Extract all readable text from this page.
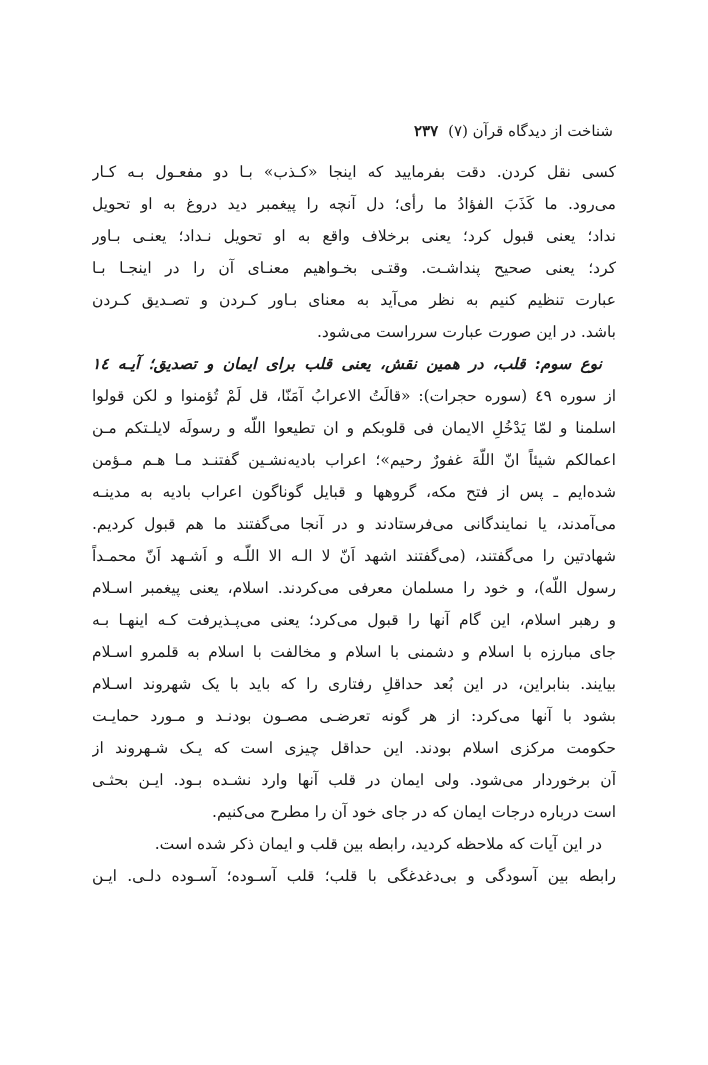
شناخت از دیدگاه قرآن (۷)
۲۳۷
کسی نقل کردن. دقت بفرمایید که اینجا «کـذب» بـا دو مفعـول بـه کـار
می‌رود. ما کَذَبَ الفؤادُ ما رأی؛ دل آنچه را پیغمبر دید دروغ به او تحویل
نداد؛ یعنی قبول کرد؛ یعنی برخلاف واقع به او تحویل نـداد؛ یعنـی بـاور
کرد؛ یعنی صحیح پنداشـت. وقتـی بخـواهیم معنـای آن را در اینجـا بـا
عبارت تنظیم کنیم به نظر می‌آید به معنای بـاور کـردن و تصـدیق کـردن
باشد. در این صورت عبارت سرراست می‌شود.
نوع سوم: قلب، در همین نقش، یعنی قلب برای ایمان و تصدیق؛ آیـه ١٤
از سوره ٤٩ (سوره حجرات): «قالَتُ الاعرابُ آمَنّا، قل لَمْ تُؤمنوا و لکن قولوا
اسلمنا و لمّا یَدْخُلِ الایمان فی قلوبکم و ان تطیعوا اللّه و رسولَه لایلـتکم مـن
اعمالکم شیئاً انّ اللّهَ غفورٌ رحیم»؛ اعراب بادیه‌نشـین گفتنـد مـا هـم مـؤمن
شده‌ایم ـ پس از فتح مکه، گروهها و قبایل گوناگون اعراب بادیه به مدینـه
می‌آمدند، یا نمایندگانی می‌فرستادند و در آنجا می‌گفتند ما هم قبول کردیم.
شهادتین را می‌گفتند، (می‌گفتند اشهد اَنّ لا الـه الا اللّـه و اَشـهد اَنّ محمـداً
رسول اللّه)، و خود را مسلمان معرفی می‌کردند. اسلام، یعنی پیغمبر اسـلام
و رهبر اسلام، این گام آنها را قبول می‌کرد؛ یعنی می‌پـذیرفت کـه اینهـا بـه
جای مبارزه با اسلام و دشمنی با اسلام و مخالفت با اسلام به قلمرو اسـلام
بیایند. بنابراین، در این بُعد حداقلِ رفتاری را که باید با یک شهروند اسـلام
بشود با آنها می‌کرد: از هر گونه تعرضـی مصـون بودنـد و مـورد حمایـت
حکومت مرکزی اسلام بودند. این حداقل چیزی است که یـک شـهروند از
آن برخوردار می‌شود. ولی ایمان در قلب آنها وارد نشـده بـود. ایـن بحثـی
است درباره درجات ایمان که در جای خود آن را مطرح می‌کنیم.
در این آیات که ملاحظه کردید، رابطه بین قلب و ایمان ذکر شده است.
رابطه بین آسودگی و بی‌دغدغگی با قلب؛ قلب آسـوده؛ آسـوده دلـی. ایـن
